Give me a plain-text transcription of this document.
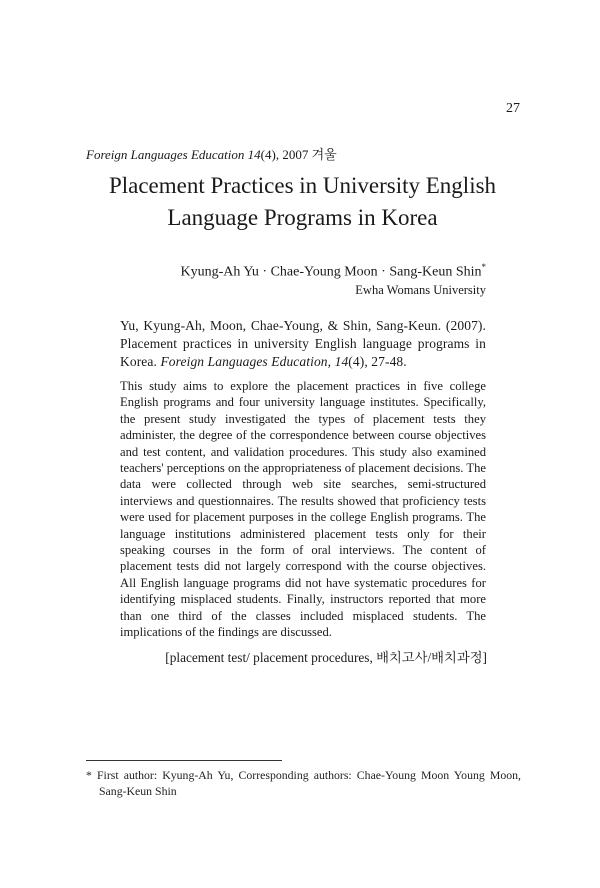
27
Foreign Languages Education 14(4), 2007 겨울
Placement Practices in University English
Language Programs in Korea
Kyung-Ah Yu · Chae-Young Moon · Sang-Keun Shin*
Ewha Womans University
Yu, Kyung-Ah, Moon, Chae-Young, & Shin, Sang-Keun. (2007). Placement practices in university English language programs in Korea. Foreign Languages Education, 14(4), 27-48.
This study aims to explore the placement practices in five college English programs and four university language institutes. Specifically, the present study investigated the types of placement tests they administer, the degree of the correspondence between course objectives and test content, and validation procedures. This study also examined teachers' perceptions on the appropriateness of placement decisions. The data were collected through web site searches, semi-structured interviews and questionnaires. The results showed that proficiency tests were used for placement purposes in the college English programs. The language institutions administered placement tests only for their speaking courses in the form of oral interviews. The content of placement tests did not largely correspond with the course objectives. All English language programs did not have systematic procedures for identifying misplaced students. Finally, instructors reported that more than one third of the classes included misplaced students. The implications of the findings are discussed.
[placement test/ placement procedures, 배치고사/배치과정]
* First author: Kyung-Ah Yu, Corresponding authors: Chae-Young Moon Young Moon, Sang-Keun Shin
